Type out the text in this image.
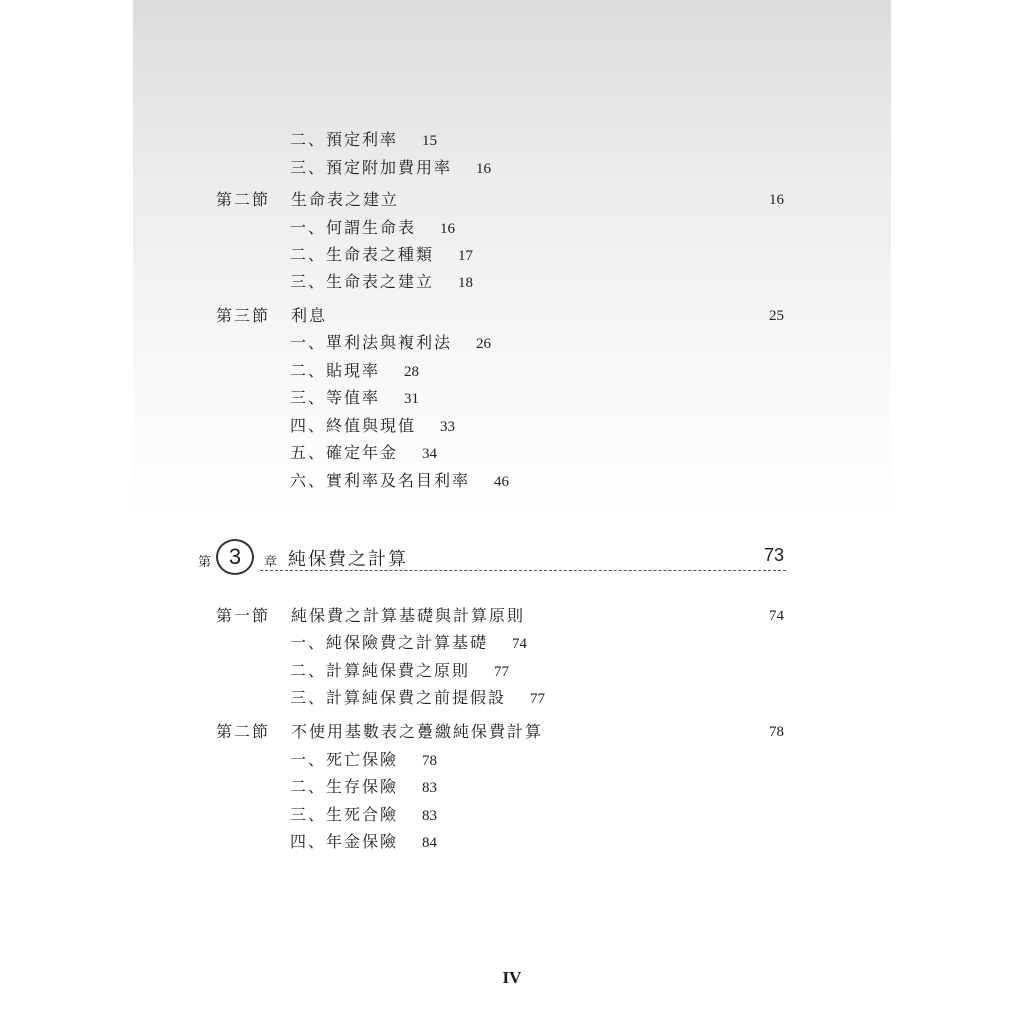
二、預定利率 15
三、預定附加費用率 16
第二節 生命表之建立	16
一、何謂生命表 16
二、生命表之種類 17
三、生命表之建立 18
第三節 利息	25
一、單利法與複利法 26
二、貼現率 28
三、等值率 31
四、終值與現值 33
五、確定年金 34
六、實利率及名目利率 46
第 3	章 純保費之計算	73
第一節 純保費之計算基礎與計算原則	74
一、純保險費之計算基礎 74
二、計算純保費之原則 77
三、計算純保費之前提假設 77
第二節 不使用基數表之躉繳純保費計算	78
一、死亡保險 78
二、生存保險 83
三、生死合險 83
四、年金保險 84
IV
